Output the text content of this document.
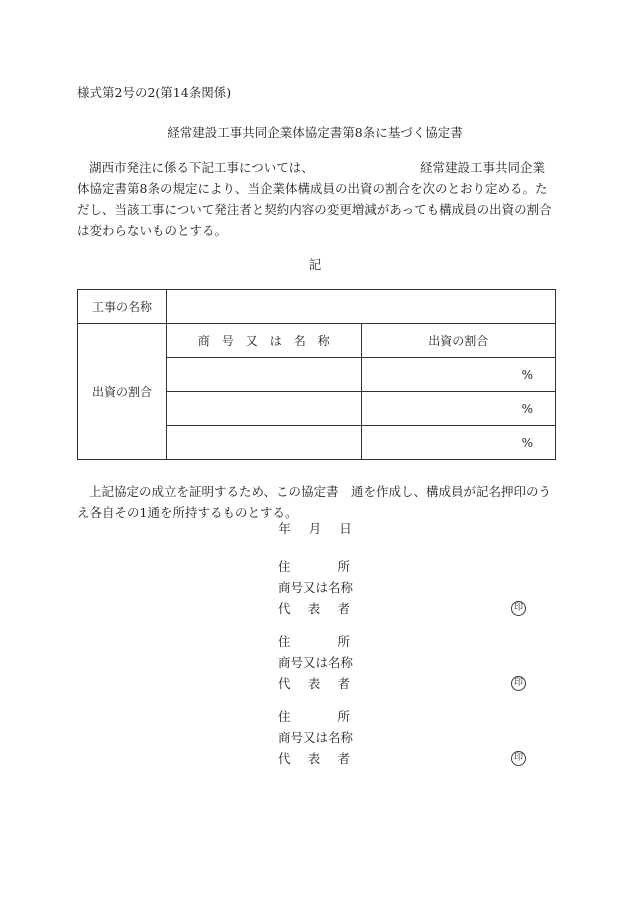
様式第2号の2(第14条関係)
経常建設工事共同企業体協定書第8条に基づく協定書
湖西市発注に係る下記工事については、　　　　　　　　　経常建設工事共同企業体協定書第8条の規定により、当企業体構成員の出資の割合を次のとおり定める。ただし、当該工事について発注者と契約内容の変更増減があっても構成員の出資の割合は変わらないものとする。
記
工事の名称		
出資の割合	商　号　又　は　名　称	出資の割合
		%
		%
		%
上記協定の成立を証明するため、この協定書　通を作成し、構成員が記名押印のうえ各自その1通を所持するものとする。
年 月 日
住所
商号又は名称
代表者	印
住所
商号又は名称
代表者	印
住所
商号又は名称
代表者	印
